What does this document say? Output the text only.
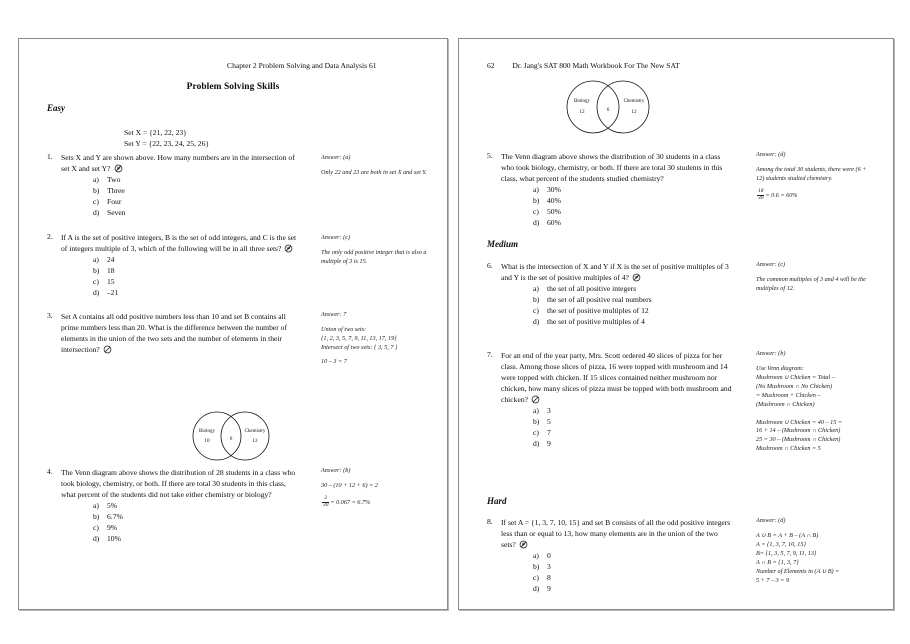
Chapter 2 Problem Solving and Data Analysis 61
Problem Solving Skills
Easy
Set X = {21, 22, 23}
Set Y = {22, 23, 24, 25, 26}
1.	Sets X and Y are shown above. How many numbers are in the intersection of set X and set Y?
a) Two
b) Three
c) Four
d) Seven
Answer: (a)

Only 22 and 23 are both in set X and set Y.

2.	If A is the set of positive integers, B is the set of odd integers, and C is the set of integers multiple of 3, which of the following will be in all three sets?
a) 24
b) 18
c) 15
d) –21
Answer: (c)

The only odd positive integer that is also a multiple of 3 is 15.

3.	Set A contains all odd positive numbers less than 10 and set B contains all prime numbers less than 20. What is the difference between the number of elements in the union of the two sets and the number of elements in their intersection?
Answer: 7

Union of two sets:

{1, 2, 3, 5, 7, 9, 11, 13, 17, 19}

Intersect of two sets: { 3, 5, 7 }

10 – 3 = 7

Biology
10	6
Chemistry
12
4.	The Venn diagram above shows the distribution of 28 students in a class who took biology, chemistry, or both. If there are total 30 students in this class, what percent of the students did not take either chemistry or biology?
a) 5%
b) 6.7%
c) 9%
d) 10%
Answer: (b)

30 – (10 + 12 + 6) = 2

$\frac{2}{30} = 0.067 = 6.7\%$

62 Dr. Jang's SAT 800 Math Workbook For The New SAT
Biology
12	6
Chemistry
12
5.	The Venn diagram above shows the distribution of 30 students in a class who took biology, chemistry, or both. If there are total 30 students in this class, what percent of the students studied chemistry?
a) 30%
b) 40%
c) 50%
d) 60%
Answer: (d)

Among the total 30 students, there were (6 + 12) students studied chemistry.

$\frac{18}{30} = 0.6 = 60\%$

Medium
6.	What is the intersection of X and Y if X is the set of positive multiples of 3 and Y is the set of positive multiples of 4?
a) the set of all positive integers
b) the set of all positive real numbers
c) the set of positive multiples of 12
d) the set of positive multiples of 4
Answer: (c)

The common multiples of 3 and 4 will be the multiples of 12.

7.	For an end of the year party, Mrs. Scott ordered 40 slices of pizza for her class. Among those slices of pizza, 16 were topped with mushroom and 14 were topped with chicken. If 15 slices contained neither mushroom nor chicken, how many slices of pizza must be topped with both mushroom and chicken?
a) 3
b) 5
c) 7
d) 9
Answer: (b)

Use Venn diagram:

Mushroom ∪ Chicken = Total –

(No Mushroom ∩ No Chicken)

= Mushroom + Chicken –

(Mushroom ∩ Chicken)

Mushroom ∪ Chicken = 40 – 15 =

16 + 14 – (Mushroom ∩ Chicken)

25 = 30 – (Mushroom ∩ Chicken)

Mushroom ∩ Chicken = 5

Hard
8.	If set A = {1, 3, 7, 10, 15} and set B consists of all the odd positive integers less than or equal to 13, how many elements are in the union of the two sets?
a) 0
b) 3
c) 8
d) 9
Answer: (d)

A ∪ B = A + B – (A ∩ B)

A = {1, 3, 7, 10, 15}

B= {1, 3, 5, 7, 9, 11, 13}

A ∩ B = {1, 3, 7}

Number of Elements in (A ∪ B) =

5 + 7 – 3 = 9
